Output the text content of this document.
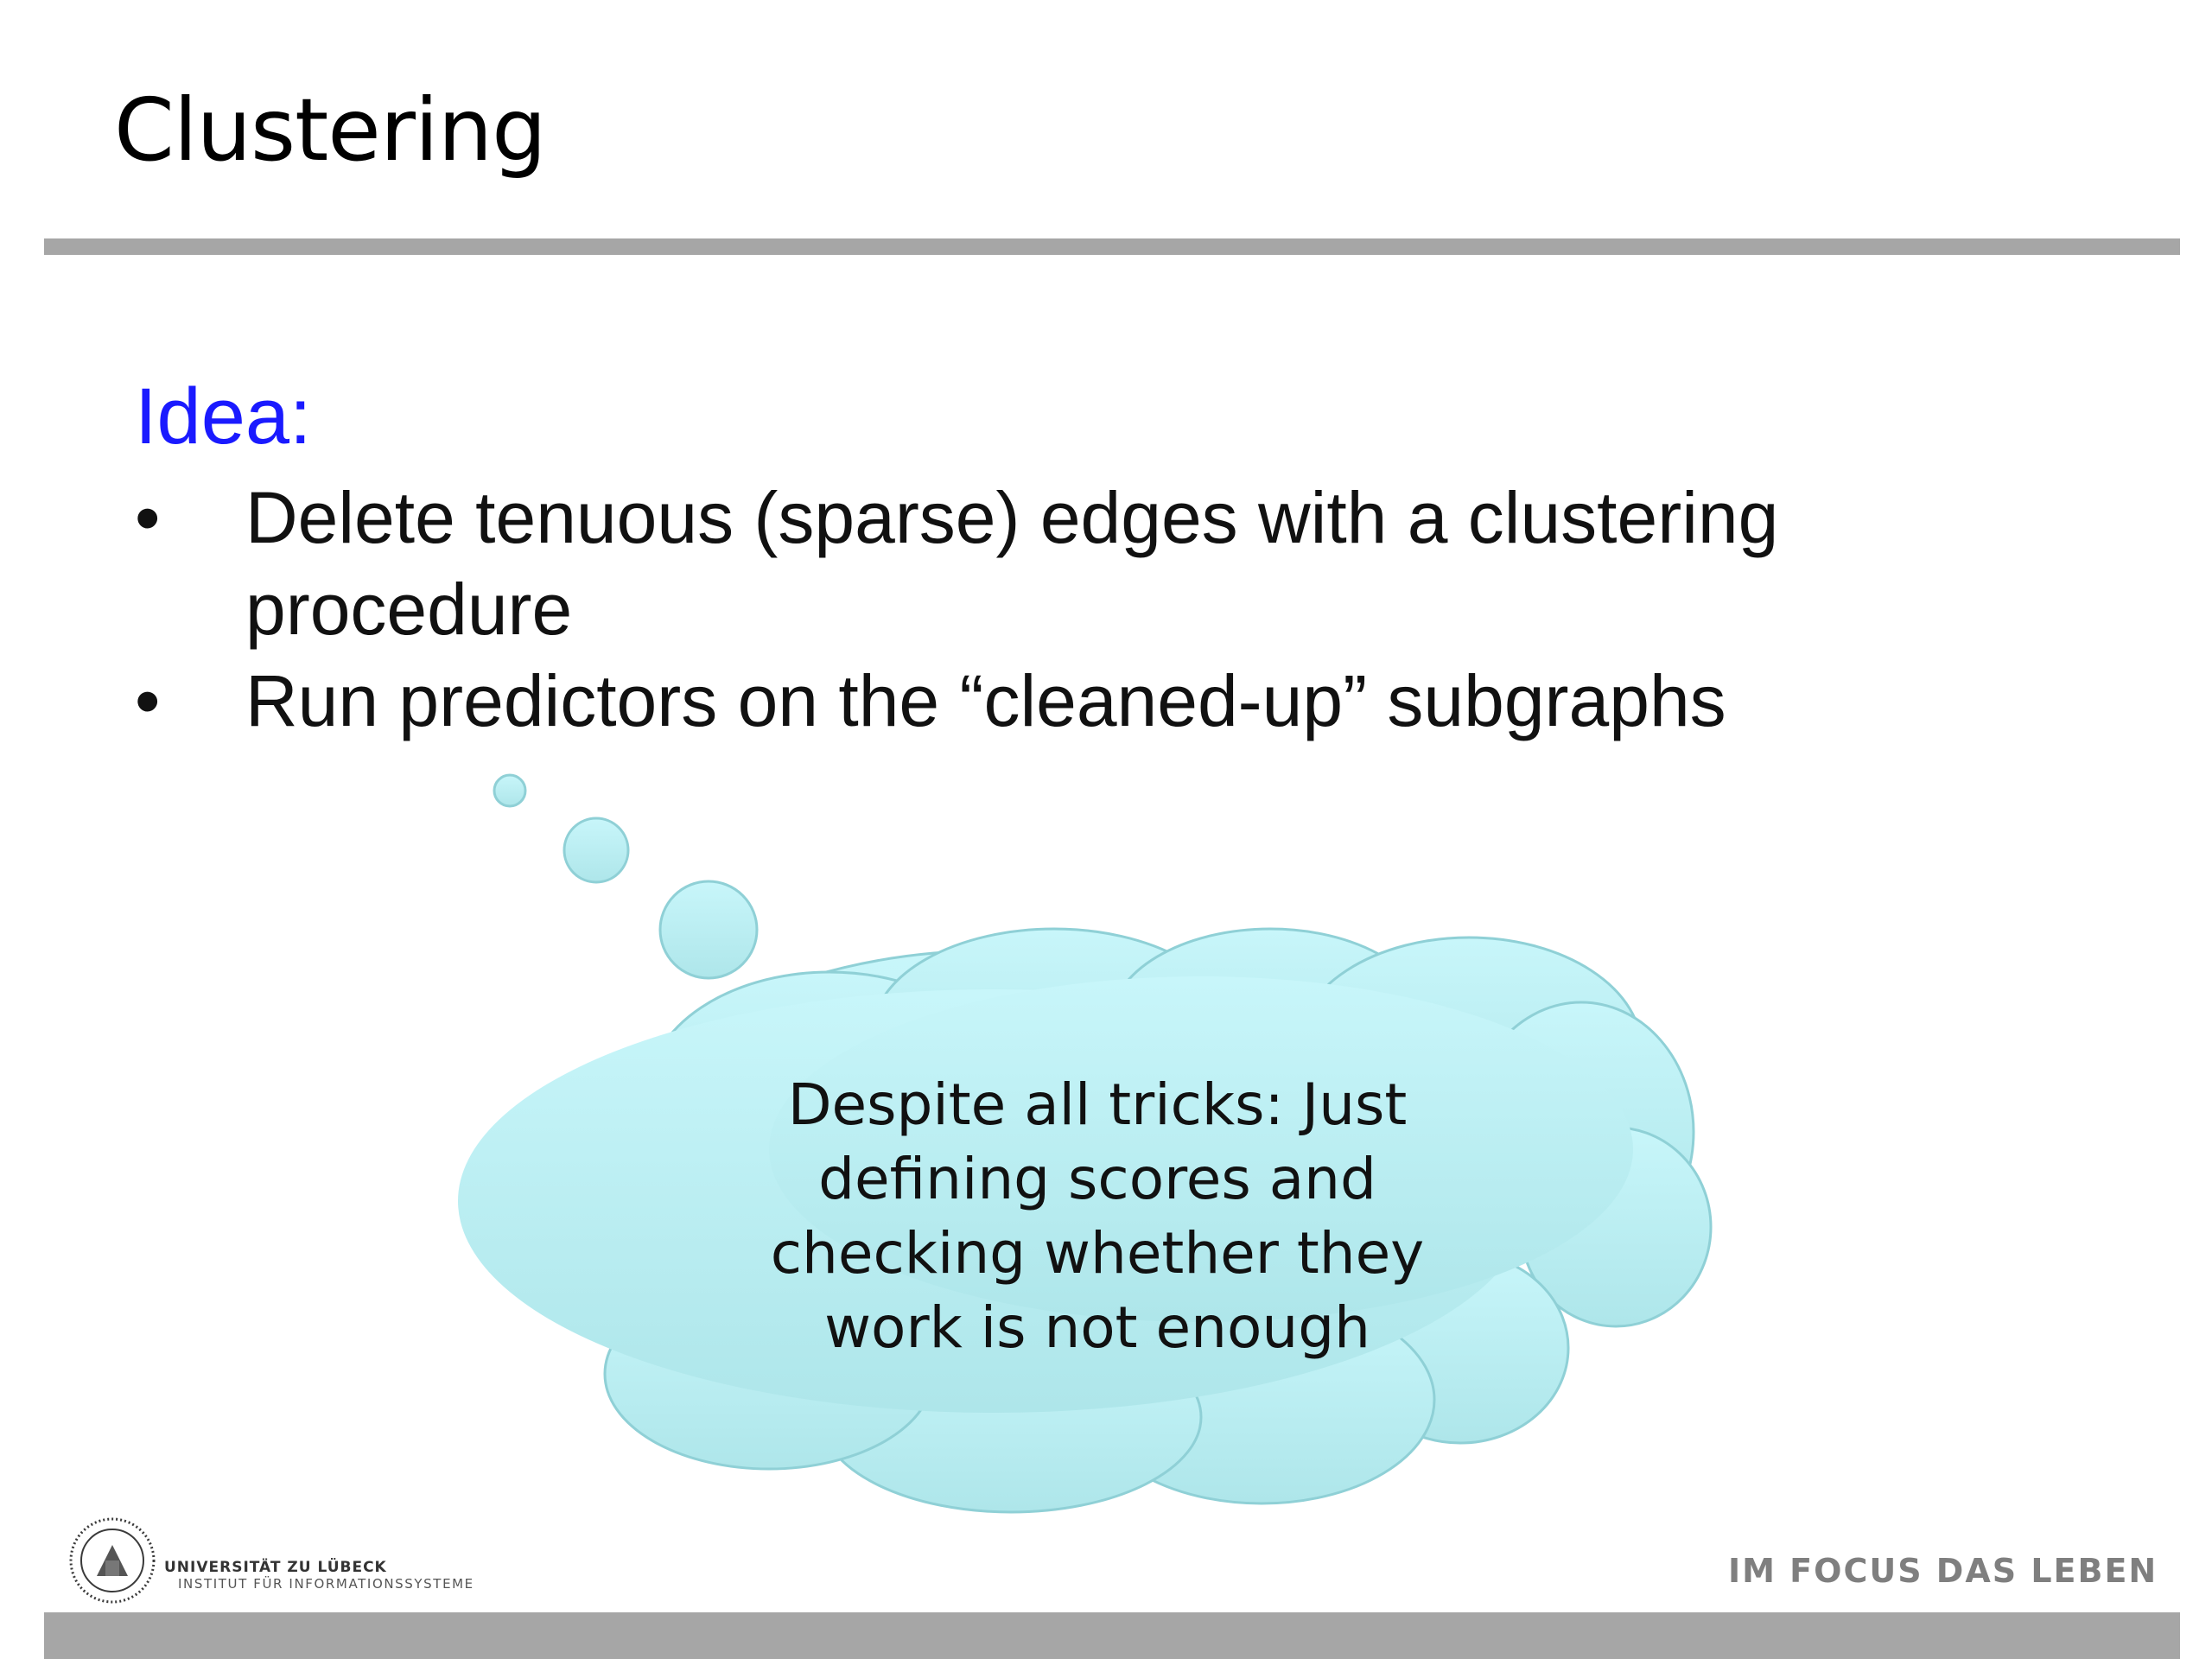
Clustering
Idea:
•	Delete tenuous (sparse) edges with a clustering procedure
•	Run predictors on the “cleaned-up” subgraphs
Despite all tricks: Just defining scores and checking whether they work is not enough
UNIVERSITÄT ZU LÜBECK
INSTITUT FÜR INFORMATIONSSYSTEME	IM FOCUS DAS LEBEN
